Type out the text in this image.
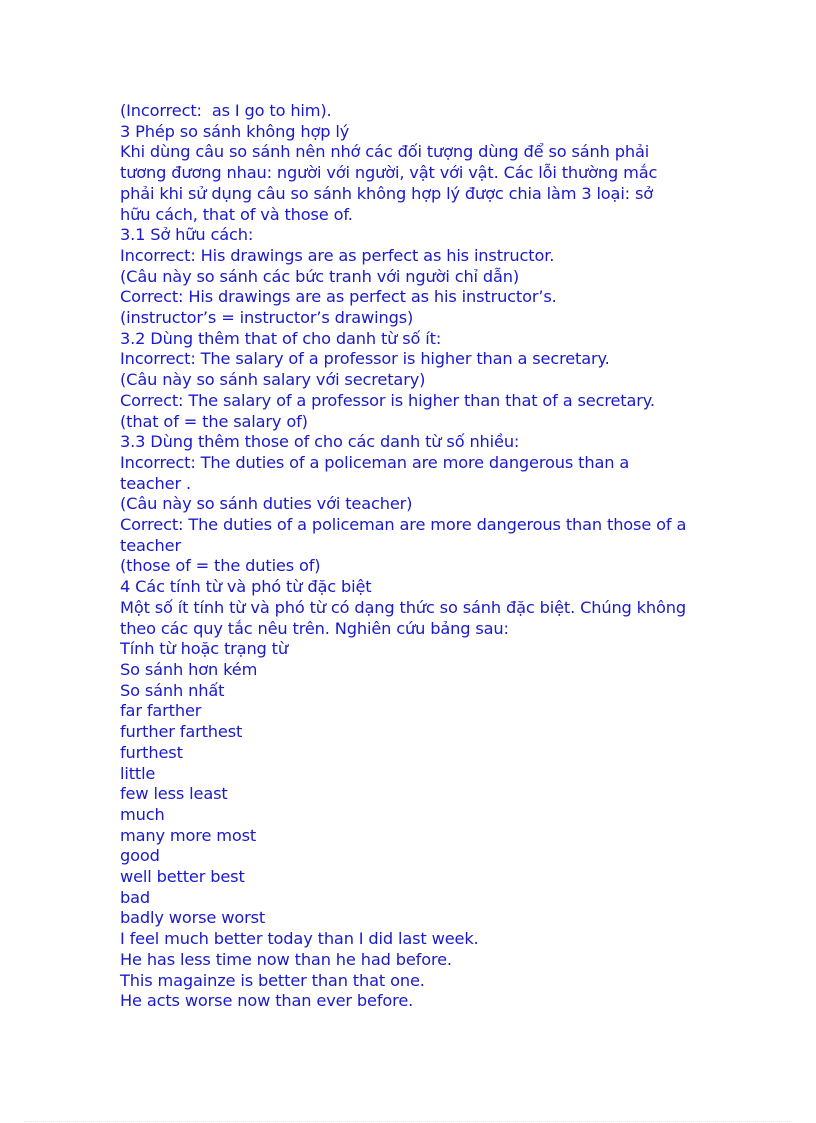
(Incorrect:  as I go to him).
3 Phép so sánh không hợp lý
Khi dùng câu so sánh nên nhớ các đối tượng dùng để so sánh phải
tương đương nhau: người với người, vật với vật. Các lỗi thường mắc
phải khi sử dụng câu so sánh không hợp lý được chia làm 3 loại: sở
hữu cách, that of và those of.
3.1 Sở hữu cách:
Incorrect: His drawings are as perfect as his instructor.
(Câu này so sánh các bức tranh với người chỉ dẫn)
Correct: His drawings are as perfect as his instructor’s.
(instructor’s = instructor’s drawings)
3.2 Dùng thêm that of cho danh từ số ít:
Incorrect: The salary of a professor is higher than a secretary.
(Câu này so sánh salary với secretary)
Correct: The salary of a professor is higher than that of a secretary.
(that of = the salary of)
3.3 Dùng thêm those of cho các danh từ số nhiều:
Incorrect: The duties of a policeman are more dangerous than a
teacher .
(Câu này so sánh duties với teacher)
Correct: The duties of a policeman are more dangerous than those of a
teacher
(those of = the duties of)
4 Các tính từ và phó từ đặc biệt
Một số ít tính từ và phó từ có dạng thức so sánh đặc biệt. Chúng không
theo các quy tắc nêu trên. Nghiên cứu bảng sau:
Tính từ hoặc trạng từ
So sánh hơn kém
So sánh nhất
far farther
further farthest
furthest
little
few less least
much
many more most
good
well better best
bad
badly worse worst
I feel much better today than I did last week.
He has less time now than he had before.
This magainze is better than that one.
He acts worse now than ever before.
